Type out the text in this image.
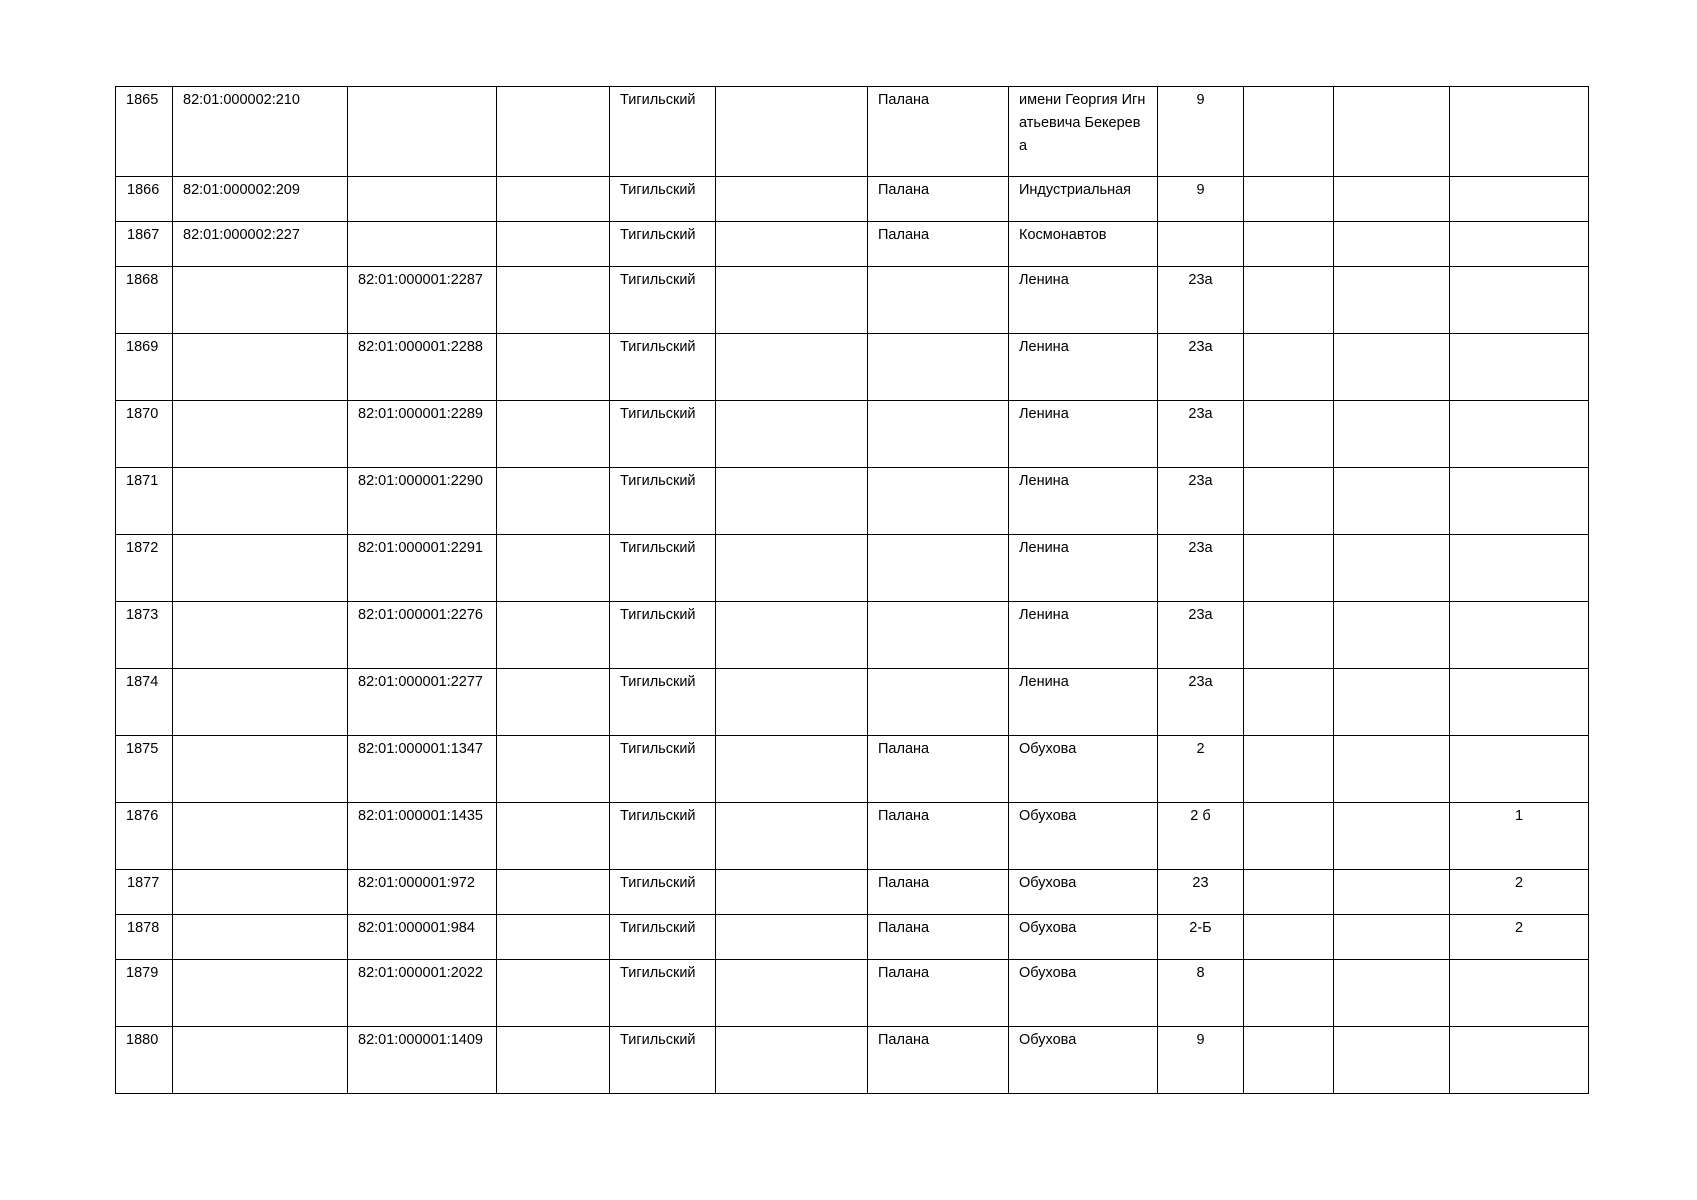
1865	82:01:000002:210			Тигильский		Палана	имени Георгия Игнатьевича Бекерева	9			
1866	82:01:000002:209			Тигильский		Палана	Индустриальная	9			
1867	82:01:000002:227			Тигильский		Палана	Космонавтов				
1868		82:01:000001:2287		Тигильский			Ленина	23а			
1869		82:01:000001:2288		Тигильский			Ленина	23а			
1870		82:01:000001:2289		Тигильский			Ленина	23а			
1871		82:01:000001:2290		Тигильский			Ленина	23а			
1872		82:01:000001:2291		Тигильский			Ленина	23а			
1873		82:01:000001:2276		Тигильский			Ленина	23а			
1874		82:01:000001:2277		Тигильский			Ленина	23а			
1875		82:01:000001:1347		Тигильский		Палана	Обухова	2			
1876		82:01:000001:1435		Тигильский		Палана	Обухова	2 б			1
1877		82:01:000001:972		Тигильский		Палана	Обухова	23			2
1878		82:01:000001:984		Тигильский		Палана	Обухова	2-Б			2
1879		82:01:000001:2022		Тигильский		Палана	Обухова	8			
1880		82:01:000001:1409		Тигильский		Палана	Обухова	9			
